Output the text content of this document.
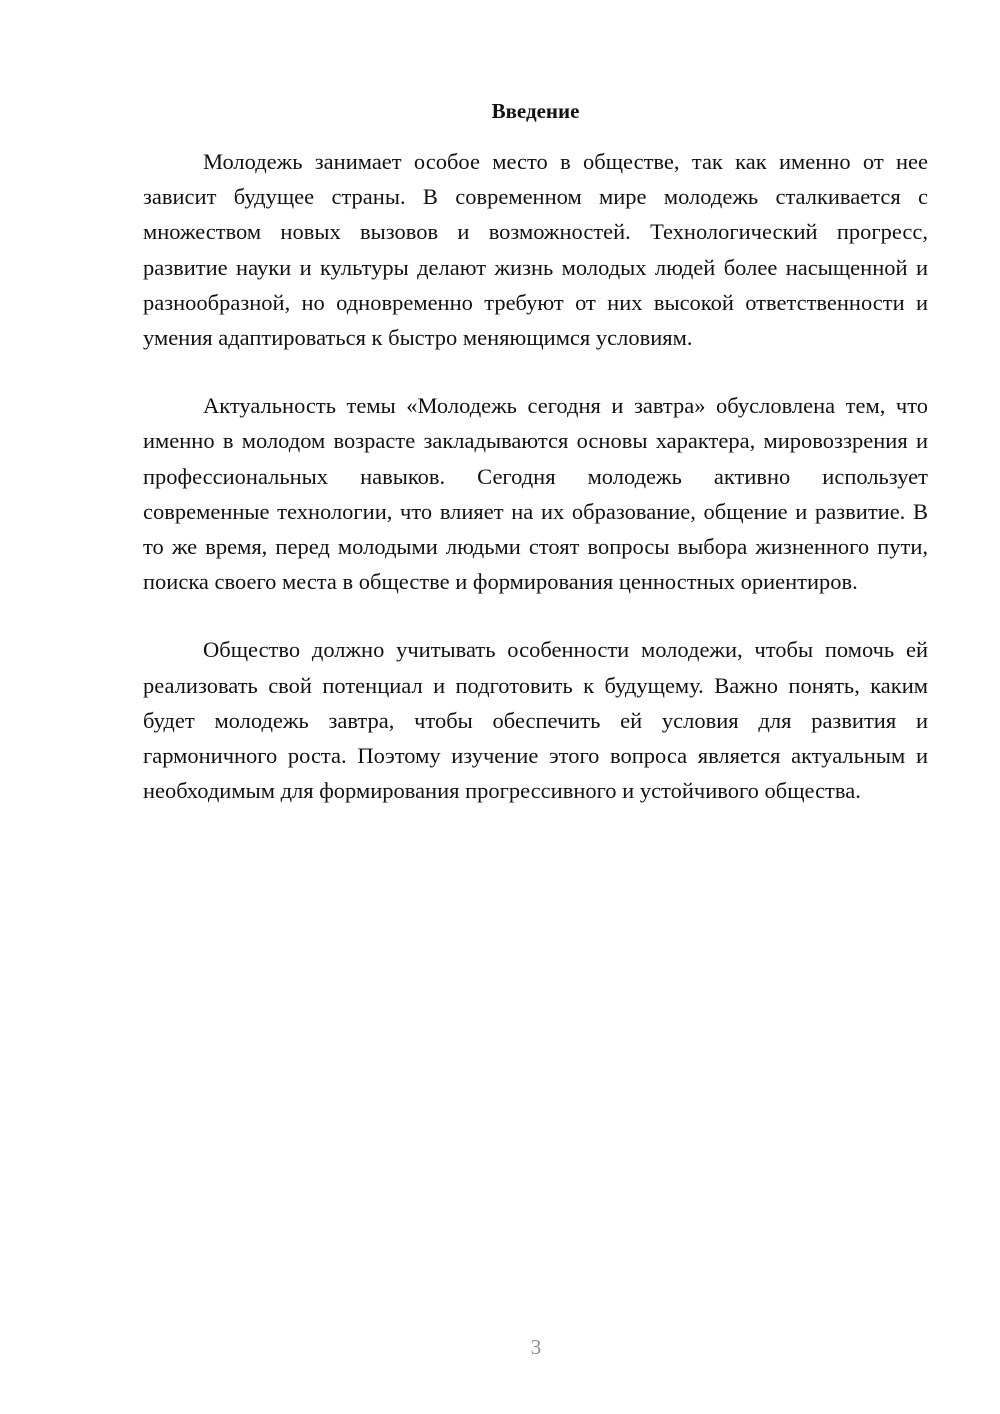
Введение

Молодежь занимает особое место в обществе, так как именно от нее зависит будущее страны. В современном мире молодежь сталкивается с множеством новых вызовов и возможностей. Технологический прогресс, развитие науки и культуры делают жизнь молодых людей более насыщенной и разнообразной, но одновременно требуют от них высокой ответственности и умения адаптироваться к быстро меняющимся условиям.

Актуальность темы «Молодежь сегодня и завтра» обусловлена тем, что именно в молодом возрасте закладываются основы характера, мировоззрения и профессиональных навыков. Сегодня молодежь активно использует современные технологии, что влияет на их образование, общение и развитие. В то же время, перед молодыми людьми стоят вопросы выбора жизненного пути, поиска своего места в обществе и формирования ценностных ориентиров.

Общество должно учитывать особенности молодежи, чтобы помочь ей реализовать свой потенциал и подготовить к будущему. Важно понять, каким будет молодежь завтра, чтобы обеспечить ей условия для развития и гармоничного роста. Поэтому изучение этого вопроса является актуальным и необходимым для формирования прогрессивного и устойчивого общества.

3
